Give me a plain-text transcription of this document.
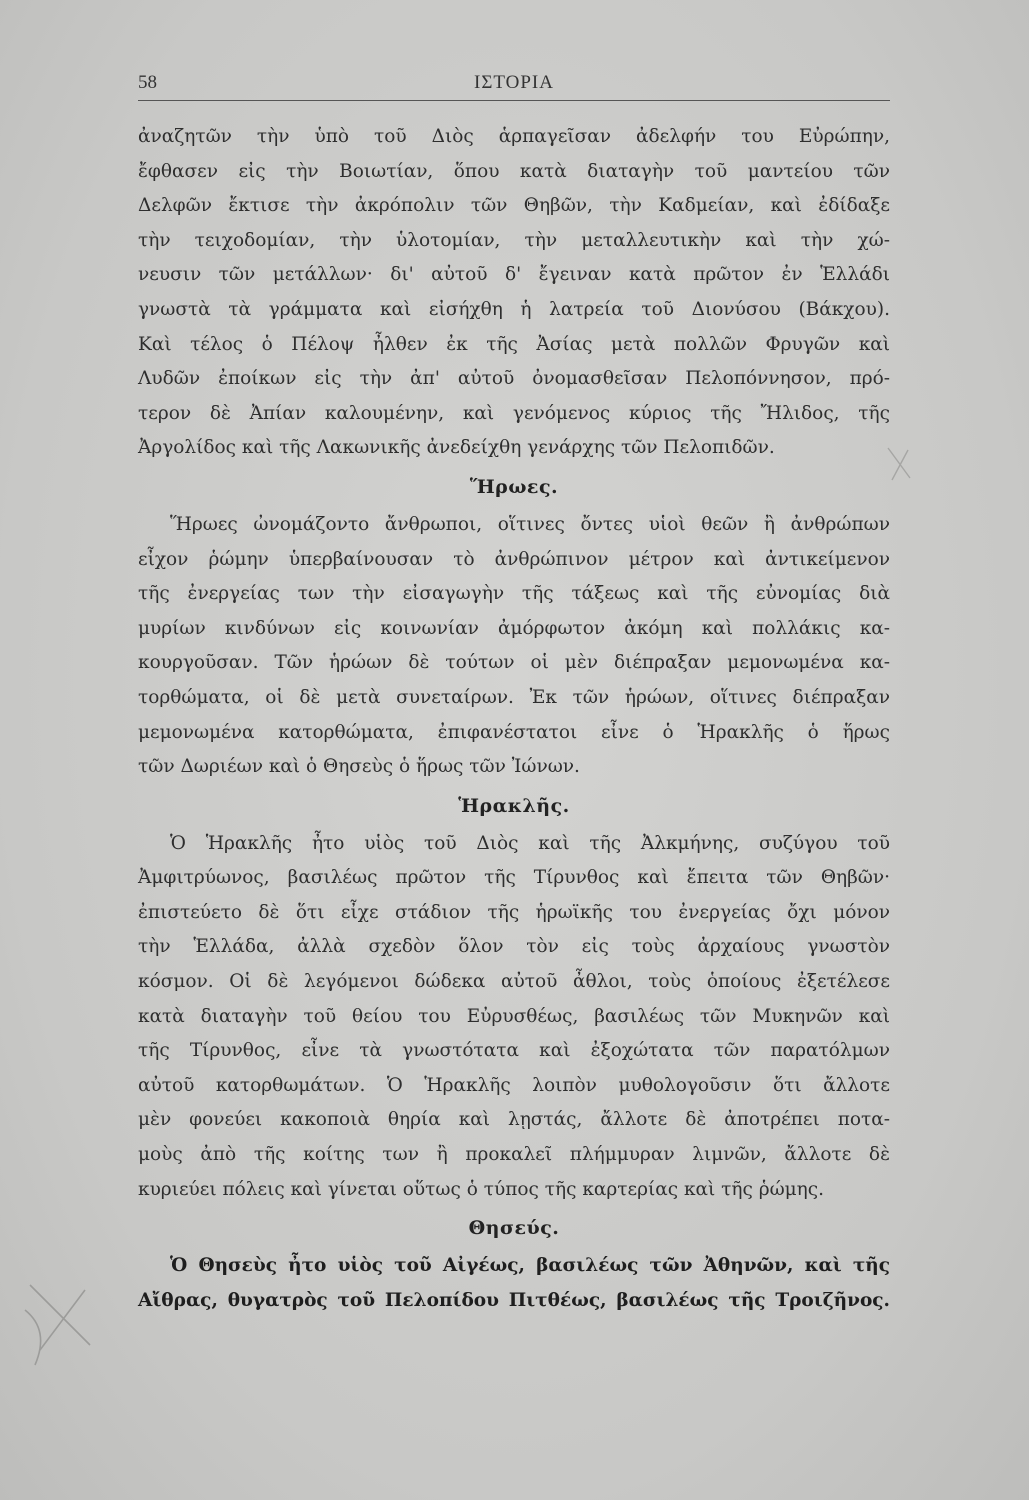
58	ΙΣΤΟΡΙΑ
ἀναζητῶν τὴν ὑπὸ τοῦ Διὸς ἁρπαγεῖσαν ἀδελφήν του Εὐρώπην,
ἔφθασεν εἰς τὴν Βοιωτίαν, ὅπου κατὰ διαταγὴν τοῦ μαντείου τῶν
Δελφῶν ἔκτισε τὴν ἀκρόπολιν τῶν Θηβῶν, τὴν Καδμείαν, καὶ ἐδίδαξε
τὴν τειχοδομίαν, τὴν ὑλοτομίαν, τὴν μεταλλευτικὴν καὶ τὴν χώ-
νευσιν τῶν μετάλλων· δι' αὐτοῦ δ' ἔγειναν κατὰ πρῶτον ἐν Ἑλλάδι
γνωστὰ τὰ γράμματα καὶ εἰσήχθη ἡ λατρεία τοῦ Διονύσου (Βάκχου).
Καὶ τέλος ὁ Πέλοψ ἦλθεν ἐκ τῆς Ἀσίας μετὰ πολλῶν Φρυγῶν καὶ
Λυδῶν ἐποίκων εἰς τὴν ἀπ' αὐτοῦ ὀνομασθεῖσαν Πελοπόννησον, πρό-
τερον δὲ Ἀπίαν καλουμένην, καὶ γενόμενος κύριος τῆς Ἤλιδος, τῆς
Ἀργολίδος καὶ τῆς Λακωνικῆς ἀνεδείχθη γενάρχης τῶν Πελοπιδῶν.
Ἥρωες.
Ἥρωες ὠνομάζοντο ἄνθρωποι, οἵτινες ὄντες υἱοὶ θεῶν ἢ ἀνθρώπων
εἶχον ῥώμην ὑπερβαίνουσαν τὸ ἀνθρώπινον μέτρον καὶ ἀντικείμενον
τῆς ἐνεργείας των τὴν εἰσαγωγὴν τῆς τάξεως καὶ τῆς εὐνομίας διὰ
μυρίων κινδύνων εἰς κοινωνίαν ἀμόρφωτον ἀκόμη καὶ πολλάκις κα-
κουργοῦσαν. Τῶν ἡρώων δὲ τούτων οἱ μὲν διέπραξαν μεμονωμένα κα-
τορθώματα, οἱ δὲ μετὰ συνεταίρων. Ἐκ τῶν ἡρώων, οἵτινες διέπραξαν
μεμονωμένα κατορθώματα, ἐπιφανέστατοι εἶνε ὁ Ἡρακλῆς ὁ ἥρως
τῶν Δωριέων καὶ ὁ Θησεὺς ὁ ἥρως τῶν Ἰώνων.
Ἡρακλῆς.
Ὁ Ἡρακλῆς ἦτο υἱὸς τοῦ Διὸς καὶ τῆς Ἀλκμήνης, συζύγου τοῦ
Ἀμφιτρύωνος, βασιλέως πρῶτον τῆς Τίρυνθος καὶ ἔπειτα τῶν Θηβῶν·
ἐπιστεύετο δὲ ὅτι εἶχε στάδιον τῆς ἡρωϊκῆς του ἐνεργείας ὄχι μόνον
τὴν Ἑλλάδα, ἀλλὰ σχεδὸν ὅλον τὸν εἰς τοὺς ἀρχαίους γνωστὸν
κόσμον. Οἱ δὲ λεγόμενοι δώδεκα αὐτοῦ ἆθλοι, τοὺς ὁποίους ἐξετέλεσε
κατὰ διαταγὴν τοῦ θείου του Εὐρυσθέως, βασιλέως τῶν Μυκηνῶν καὶ
τῆς Τίρυνθος, εἶνε τὰ γνωστότατα καὶ ἐξοχώτατα τῶν παρατόλμων
αὐτοῦ κατορθωμάτων. Ὁ Ἡρακλῆς λοιπὸν μυθολογοῦσιν ὅτι ἄλλοτε
μὲν φονεύει κακοποιὰ θηρία καὶ λῃστάς, ἄλλοτε δὲ ἀποτρέπει ποτα-
μοὺς ἀπὸ τῆς κοίτης των ἢ προκαλεῖ πλήμμυραν λιμνῶν, ἄλλοτε δὲ
κυριεύει πόλεις καὶ γίνεται οὕτως ὁ τύπος τῆς καρτερίας καὶ τῆς ῥώμης.
Θησεύς.
Ὁ Θησεὺς ἦτο υἱὸς τοῦ Αἰγέως, βασιλέως τῶν Ἀθηνῶν, καὶ τῆς
Αἴθρας, θυγατρὸς τοῦ Πελοπίδου Πιτθέως, βασιλέως τῆς Τροιζῆνος.
